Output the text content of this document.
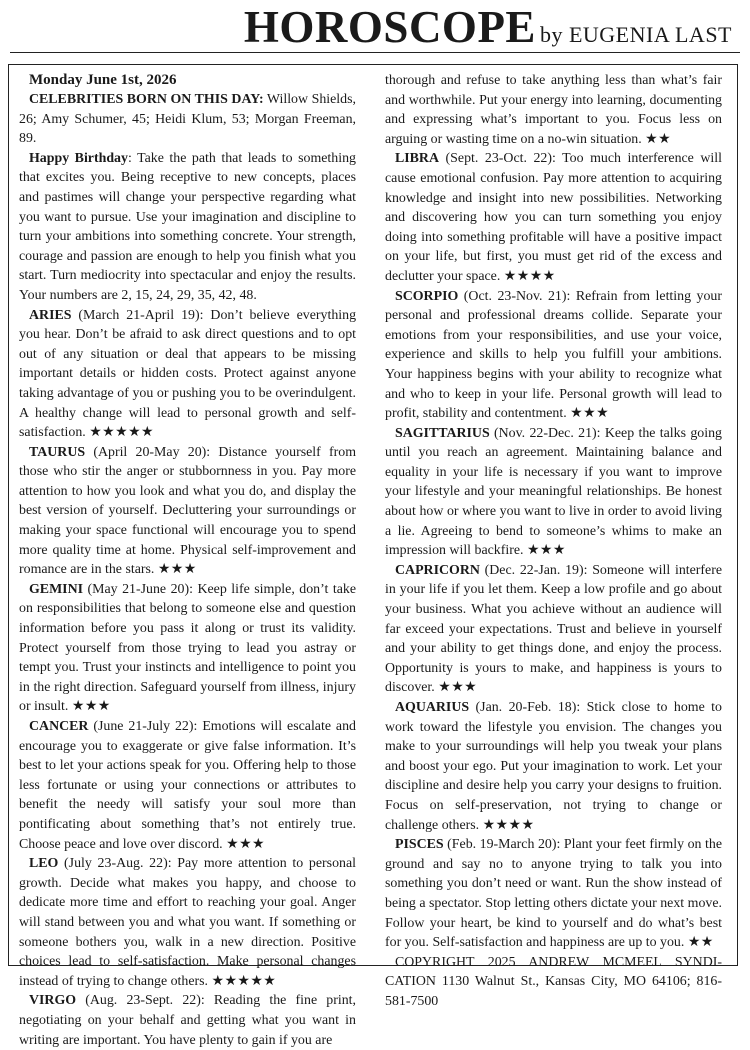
HOROSCOPE by EUGENIA LAST

Monday June 1st, 2026

CELEBRITIES BORN ON THIS DAY: Willow Shields, 26; Amy Schumer, 45; Heidi Klum, 53; Morgan Freeman, 89.

Happy Birthday: Take the path that leads to something that excites you. Being receptive to new concepts, places and pastimes will change your perspective regarding what you want to pursue. Use your imagination and discipline to turn your ambitions into something concrete. Your strength, courage and passion are enough to help you finish what you start. Turn mediocrity into spectacular and enjoy the results. Your numbers are 2, 15, 24, 29, 35, 42, 48.

ARIES (March 21-April 19): Don’t believe everything you hear. Don’t be afraid to ask direct questions and to opt out of any situation or deal that appears to be missing important details or hidden costs. Protect against anyone taking advantage of you or pushing you to be overindulgent. A healthy change will lead to personal growth and self-satisfaction. ★★★★★

TAURUS (April 20-May 20): Distance yourself from those who stir the anger or stubbornness in you. Pay more attention to how you look and what you do, and display the best version of yourself. Decluttering your surroundings or making your space functional will encourage you to spend more quality time at home. Physical self-improvement and romance are in the stars. ★★★

GEMINI (May 21-June 20): Keep life simple, don’t take on responsibilities that belong to someone else and question information before you pass it along or trust its validity. Protect yourself from those trying to lead you astray or tempt you. Trust your instincts and intelligence to point you in the right direction. Safeguard yourself from illness, injury or insult. ★★★

CANCER (June 21-July 22): Emotions will escalate and encourage you to exaggerate or give false information. It’s best to let your actions speak for you. Offering help to those less fortunate or using your connections or attributes to benefit the needy will satisfy your soul more than pontificating about something that’s not entirely true. Choose peace and love over discord. ★★★

LEO (July 23-Aug. 22): Pay more attention to personal growth. Decide what makes you happy, and choose to dedicate more time and effort to reaching your goal. Anger will stand between you and what you want. If something or someone bothers you, walk in a new direction. Positive choices lead to self-satisfaction. Make personal changes instead of trying to change others. ★★★★★

VIRGO (Aug. 23-Sept. 22): Reading the fine print, negotiating on your behalf and getting what you want in writing are important. You have plenty to gain if you are

thorough and refuse to take anything less than what’s fair and worthwhile. Put your energy into learning, documenting and expressing what’s important to you. Focus less on arguing or wasting time on a no-win situation. ★★

LIBRA (Sept. 23-Oct. 22): Too much interference will cause emotional confusion. Pay more attention to acquiring knowledge and insight into new possibilities. Networking and discovering how you can turn something you enjoy doing into something profitable will have a positive impact on your life, but first, you must get rid of the excess and declutter your space. ★★★★

SCORPIO (Oct. 23-Nov. 21): Refrain from letting your personal and professional dreams collide. Separate your emotions from your responsibilities, and use your voice, experience and skills to help you fulfill your ambitions. Your happiness begins with your ability to recognize what and who to keep in your life. Personal growth will lead to profit, stability and contentment. ★★★

SAGITTARIUS (Nov. 22-Dec. 21): Keep the talks going until you reach an agreement. Maintaining balance and equality in your life is necessary if you want to improve your lifestyle and your meaningful relationships. Be honest about how or where you want to live in order to avoid living a lie. Agreeing to bend to someone’s whims to make an impression will backfire. ★★★

CAPRICORN (Dec. 22-Jan. 19): Someone will interfere in your life if you let them. Keep a low profile and go about your business. What you achieve without an audience will far exceed your expectations. Trust and believe in yourself and your ability to get things done, and enjoy the process. Opportunity is yours to make, and happiness is yours to discover. ★★★

AQUARIUS (Jan. 20-Feb. 18): Stick close to home to work toward the lifestyle you envision. The changes you make to your surroundings will help you tweak your plans and boost your ego. Put your imagination to work. Let your discipline and desire help you carry your designs to fruition. Focus on self-preservation, not trying to change or challenge others. ★★★★

PISCES (Feb. 19-March 20): Plant your feet firmly on the ground and say no to anyone trying to talk you into something you don’t need or want. Run the show instead of being a spectator. Stop letting others dictate your next move. Follow your heart, be kind to yourself and do what’s best for you. Self-satisfaction and happiness are up to you. ★★

COPYRIGHT 2025 ANDREW MCMEEL SYNDICATION 1130 Walnut St., Kansas City, MO 64106; 816-581-7500
